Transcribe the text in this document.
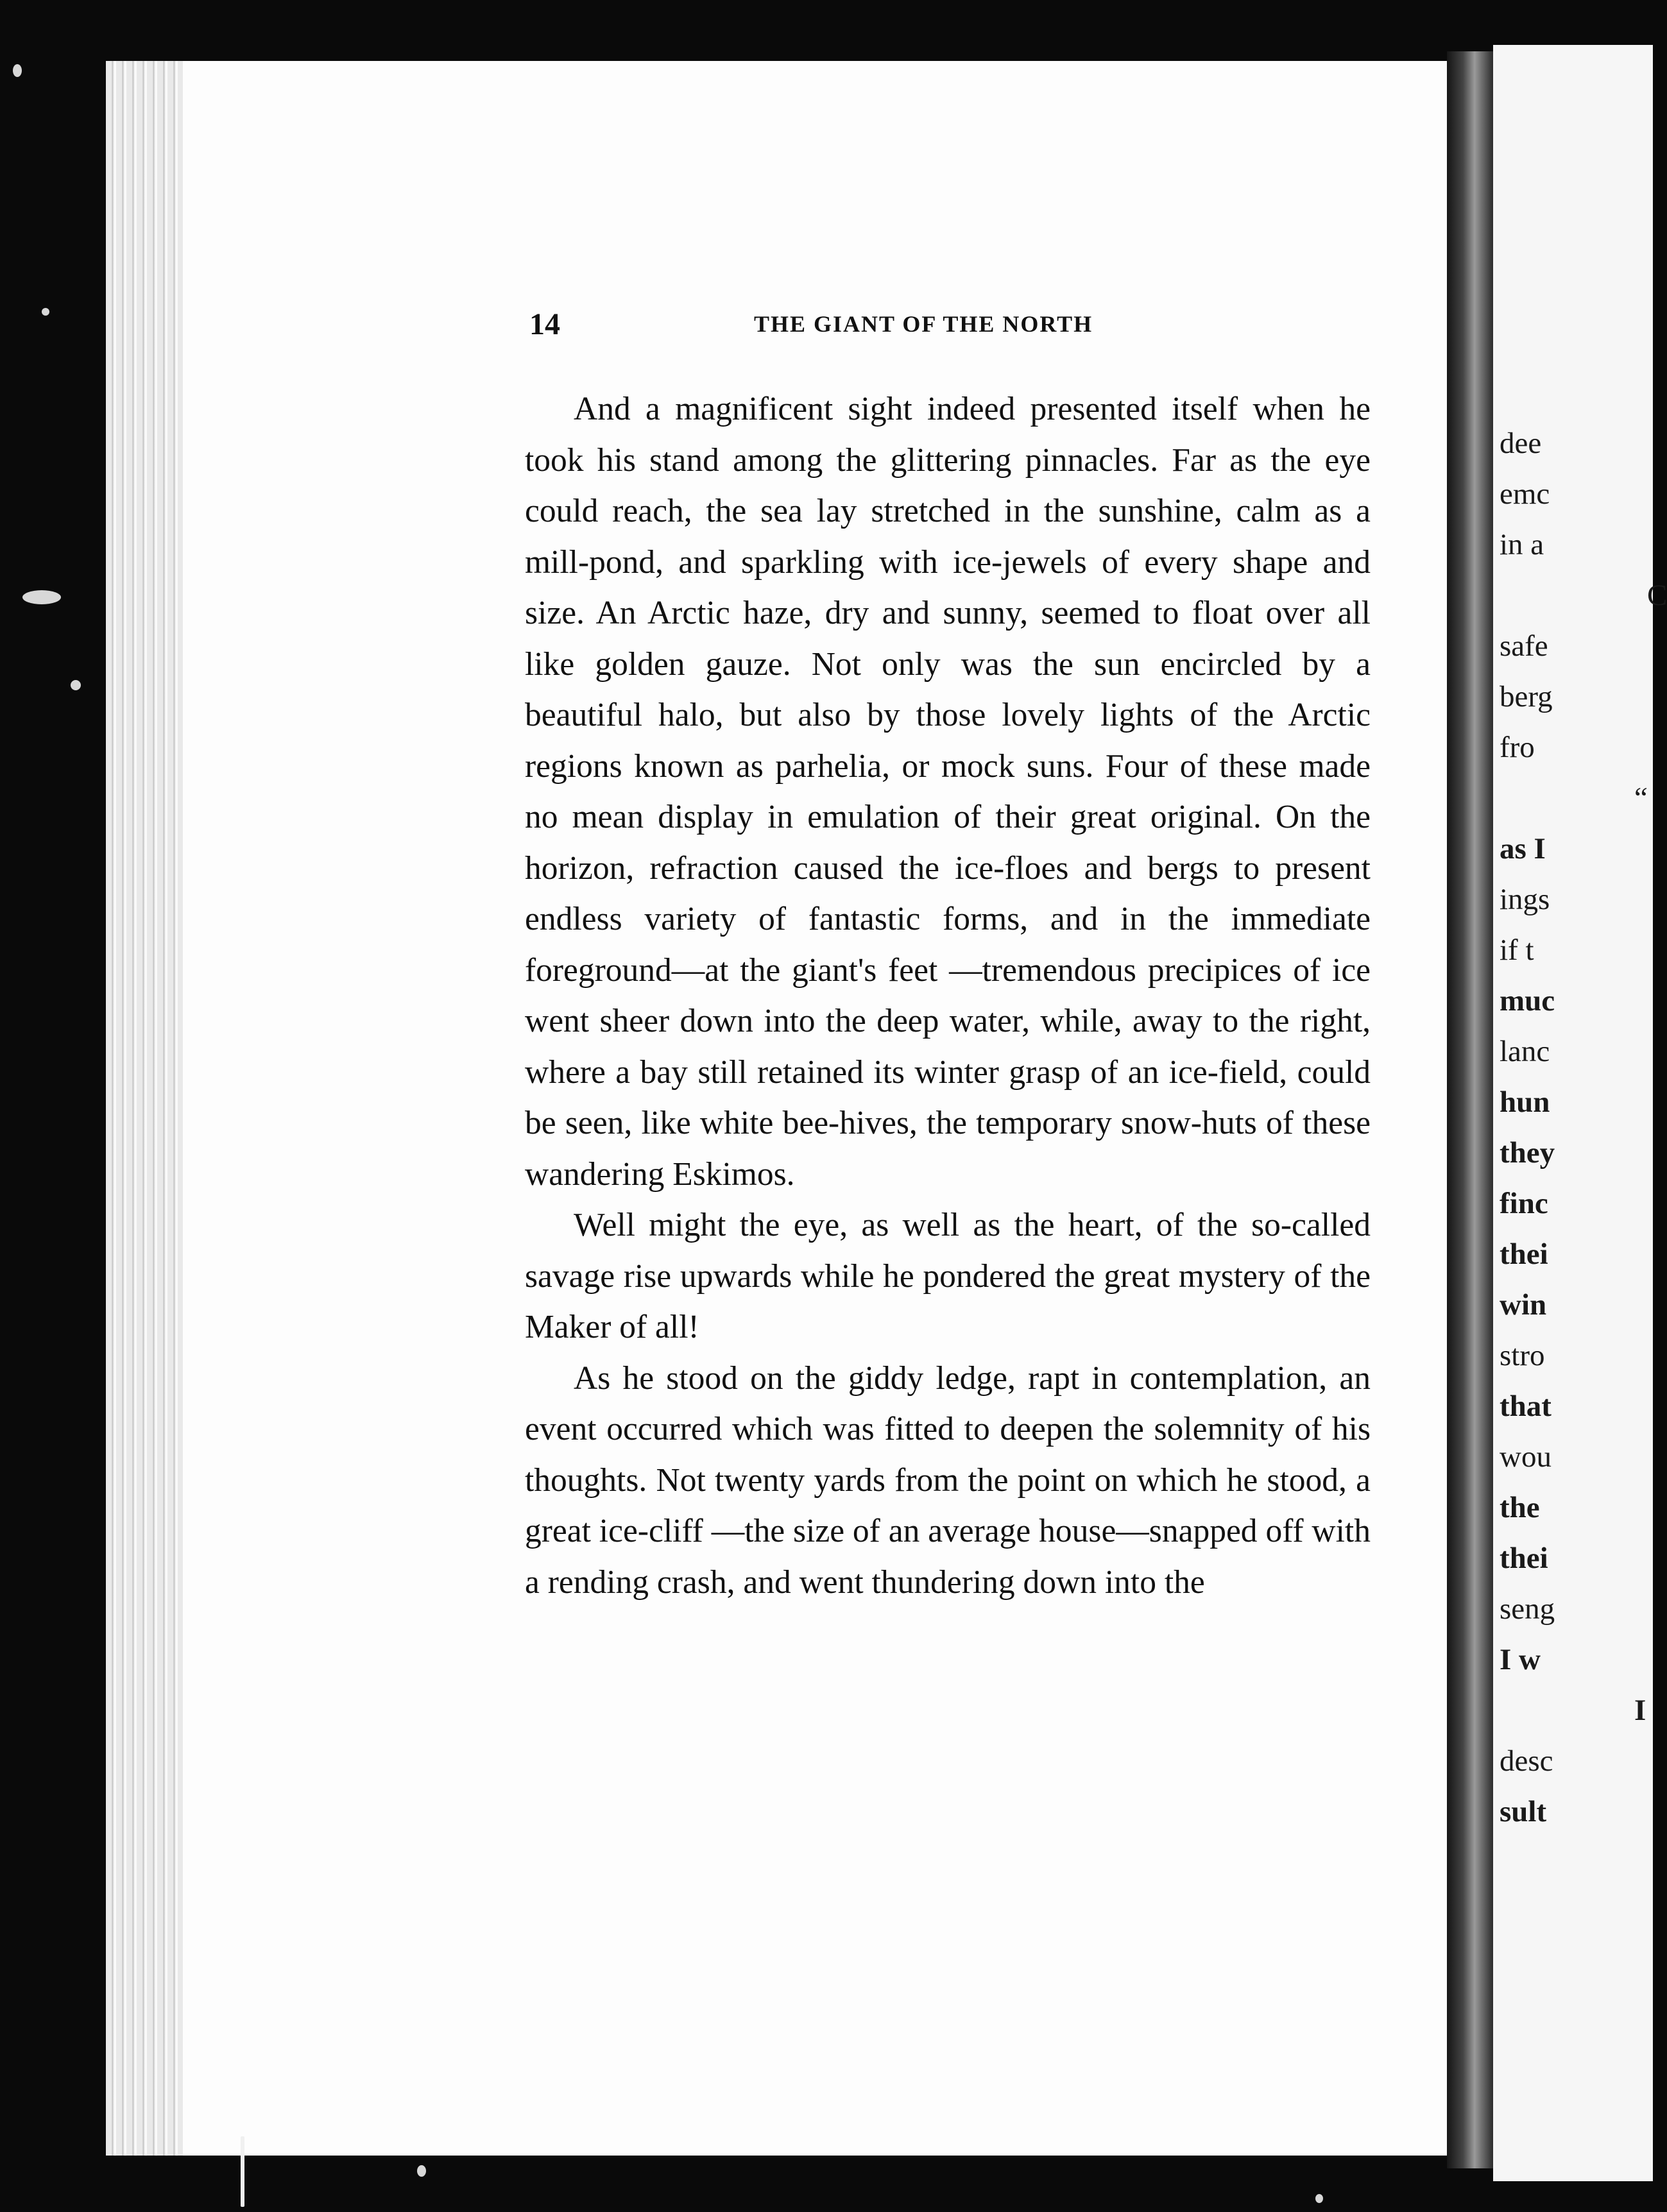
dee
emc
in a
C
safe
berg
fro
“
as I
ings
if t
muc
lanc
hun
they
finc
thei
win
stro
that
wou
the
thei
seng
I w
I
desc
sult
14	THE GIANT OF THE NORTH

And a magnificent sight indeed presented itself when he took his stand among the glittering pinnacles. Far as the eye could reach, the sea lay stretched in the sunshine, calm as a mill-pond, and sparkling with ice-jewels of every shape and size. An Arctic haze, dry and sunny, seemed to float over all like golden gauze. Not only was the sun encircled by a beautiful halo, but also by those lovely lights of the Arctic regions known as parhelia, or mock suns. Four of these made no mean display in emulation of their great original. On the horizon, refraction caused the ice-floes and bergs to present endless variety of fantastic forms, and in the immediate foreground—at the giant's feet —tremendous precipices of ice went sheer down into the deep water, while, away to the right, where a bay still retained its winter grasp of an ice-field, could be seen, like white bee-hives, the temporary snow-huts of these wandering Eskimos.

Well might the eye, as well as the heart, of the so-called savage rise upwards while he pondered the great mystery of the Maker of all!

As he stood on the giddy ledge, rapt in contemplation, an event occurred which was fitted to deepen the solemnity of his thoughts. Not twenty yards from the point on which he stood, a great ice-cliff —the size of an average house—snapped off with a rending crash, and went thundering down into the
